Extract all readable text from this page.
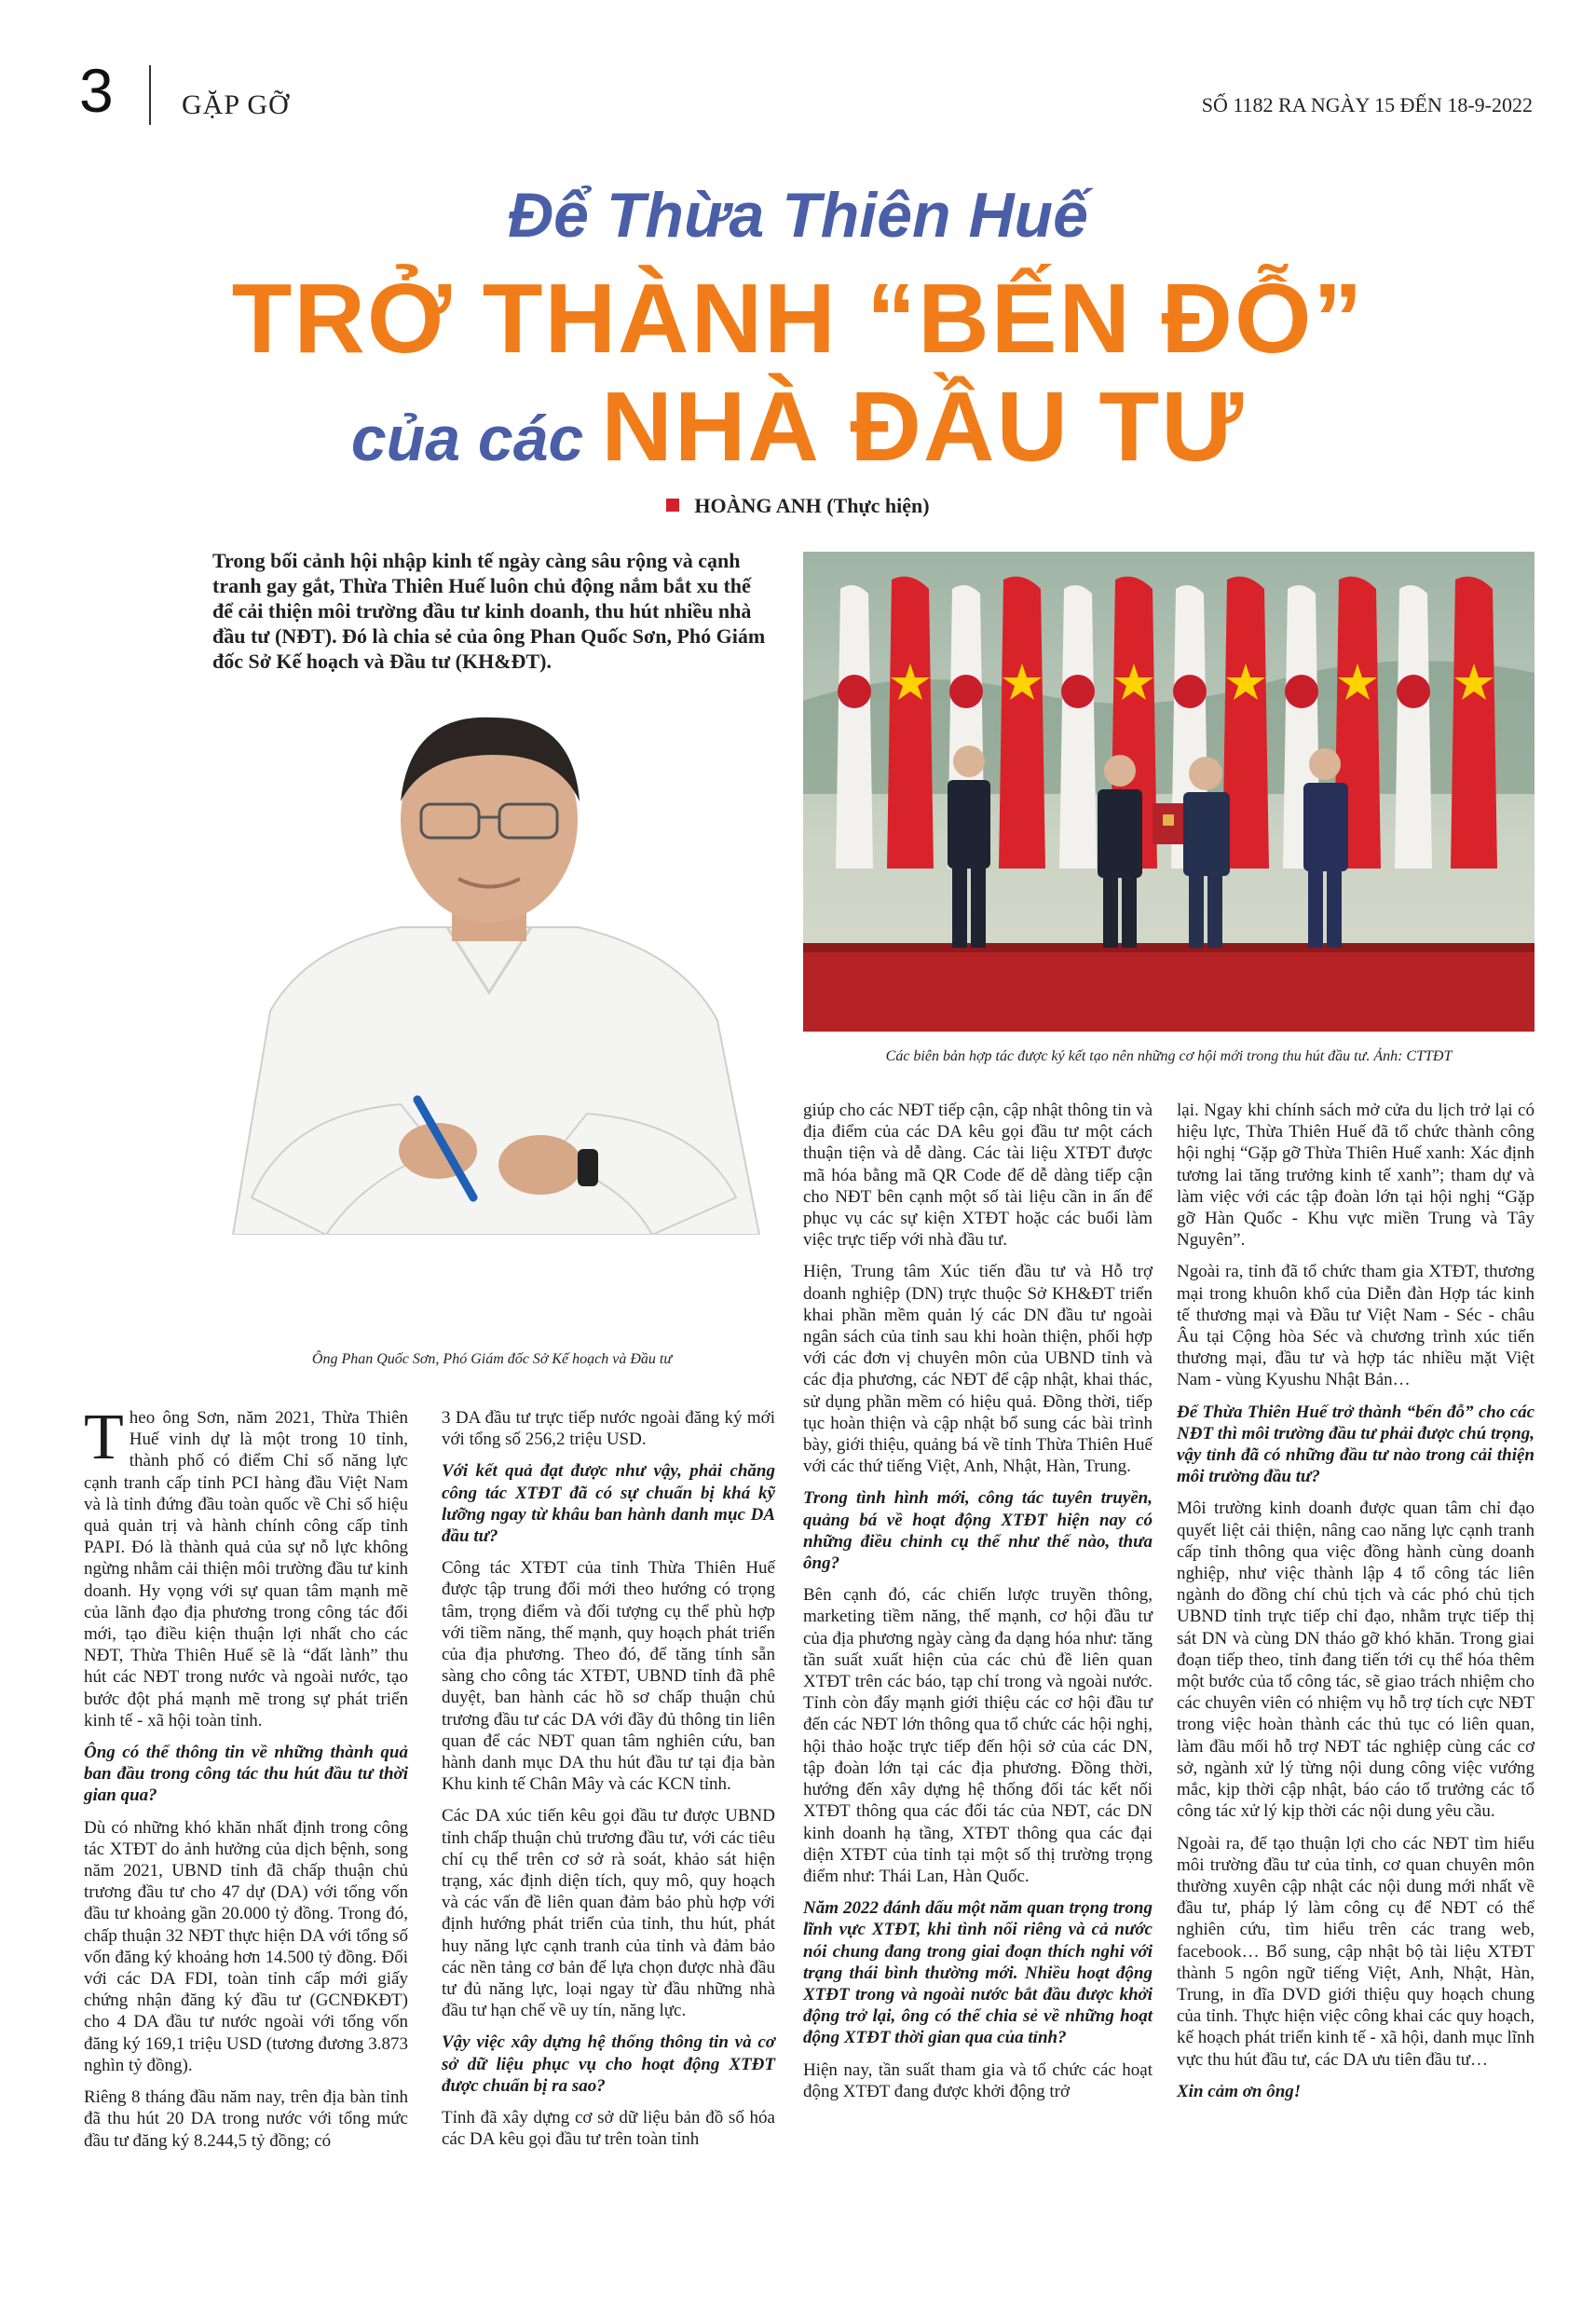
3 GẶP GỠ	SỐ 1182 RA NGÀY 15 ĐẾN 18-9-2022
Để Thừa Thiên Huế
TRỞ THÀNH “BẾN ĐỖ”
của các NHÀ ĐẦU TƯ
HOÀNG ANH (Thực hiện)
Trong bối cảnh hội nhập kinh tế ngày càng sâu rộng và cạnh tranh gay gắt, Thừa Thiên Huế luôn chủ động nắm bắt xu thế để cải thiện môi trường đầu tư kinh doanh, thu hút nhiều nhà đầu tư (NĐT). Đó là chia sẻ của ông Phan Quốc Sơn, Phó Giám đốc Sở Kế hoạch và Đầu tư (KH&ĐT).
Các biên bản hợp tác được ký kết tạo nên những cơ hội mới trong thu hút đầu tư. Ảnh: CTTĐT
Ông Phan Quốc Sơn, Phó Giám đốc Sở Kế hoạch và Đầu tư

Theo ông Sơn, năm 2021, Thừa Thiên Huế vinh dự là một trong 10 tỉnh, thành phố có điểm Chỉ số năng lực cạnh tranh cấp tỉnh PCI hàng đầu Việt Nam và là tỉnh đứng đầu toàn quốc về Chỉ số hiệu quả quản trị và hành chính công cấp tỉnh PAPI. Đó là thành quả của sự nỗ lực không ngừng nhằm cải thiện môi trường đầu tư kinh doanh. Hy vọng với sự quan tâm mạnh mẽ của lãnh đạo địa phương trong công tác đổi mới, tạo điều kiện thuận lợi nhất cho các NĐT, Thừa Thiên Huế sẽ là “đất lành” thu hút các NĐT trong nước và ngoài nước, tạo bước đột phá mạnh mẽ trong sự phát triển kinh tế - xã hội toàn tỉnh.

Ông có thể thông tin về những thành quả ban đầu trong công tác thu hút đầu tư thời gian qua?

Dù có những khó khăn nhất định trong công tác XTĐT do ảnh hưởng của dịch bệnh, song năm 2021, UBND tỉnh đã chấp thuận chủ trương đầu tư cho 47 dự (DA) với tổng vốn đầu tư khoảng gần 20.000 tỷ đồng. Trong đó, chấp thuận 32 NĐT thực hiện DA với tổng số vốn đăng ký khoảng hơn 14.500 tỷ đồng. Đối với các DA FDI, toàn tỉnh cấp mới giấy chứng nhận đăng ký đầu tư (GCNĐKĐT) cho 4 DA đầu tư nước ngoài với tổng vốn đăng ký 169,1 triệu USD (tương đương 3.873 nghìn tỷ đồng).

Riêng 8 tháng đầu năm nay, trên địa bàn tỉnh đã thu hút 20 DA trong nước với tổng mức đầu tư đăng ký 8.244,5 tỷ đồng; có

3 DA đầu tư trực tiếp nước ngoài đăng ký mới với tổng số 256,2 triệu USD.

Với kết quả đạt được như vậy, phải chăng công tác XTĐT đã có sự chuẩn bị khá kỹ lưỡng ngay từ khâu ban hành danh mục DA đầu tư?

Công tác XTĐT của tỉnh Thừa Thiên Huế được tập trung đổi mới theo hướng có trọng tâm, trọng điểm và đối tượng cụ thể phù hợp với tiềm năng, thế mạnh, quy hoạch phát triển của địa phương. Theo đó, để tăng tính sẵn sàng cho công tác XTĐT, UBND tỉnh đã phê duyệt, ban hành các hồ sơ chấp thuận chủ trương đầu tư các DA với đầy đủ thông tin liên quan để các NĐT quan tâm nghiên cứu, ban hành danh mục DA thu hút đầu tư tại địa bàn Khu kinh tế Chân Mây và các KCN tỉnh.

Các DA xúc tiến kêu gọi đầu tư được UBND tỉnh chấp thuận chủ trương đầu tư, với các tiêu chí cụ thể trên cơ sở rà soát, khảo sát hiện trạng, xác định diện tích, quy mô, quy hoạch và các vấn đề liên quan đảm bảo phù hợp với định hướng phát triển của tỉnh, thu hút, phát huy năng lực cạnh tranh của tỉnh và đảm bảo các nền tảng cơ bản để lựa chọn được nhà đầu tư đủ năng lực, loại ngay từ đầu những nhà đầu tư hạn chế về uy tín, năng lực.

Vậy việc xây dựng hệ thống thông tin và cơ sở dữ liệu phục vụ cho hoạt động XTĐT được chuẩn bị ra sao?

Tỉnh đã xây dựng cơ sở dữ liệu bản đồ số hóa các DA kêu gọi đầu tư trên toàn tỉnh

giúp cho các NĐT tiếp cận, cập nhật thông tin và địa điểm của các DA kêu gọi đầu tư một cách thuận tiện và dễ dàng. Các tài liệu XTĐT được mã hóa bằng mã QR Code để dễ dàng tiếp cận cho NĐT bên cạnh một số tài liệu cần in ấn để phục vụ các sự kiện XTĐT hoặc các buổi làm việc trực tiếp với nhà đầu tư.

Hiện, Trung tâm Xúc tiến đầu tư và Hỗ trợ doanh nghiệp (DN) trực thuộc Sở KH&ĐT triển khai phần mềm quản lý các DN đầu tư ngoài ngân sách của tỉnh sau khi hoàn thiện, phối hợp với các đơn vị chuyên môn của UBND tỉnh và các địa phương, các NĐT để cập nhật, khai thác, sử dụng phần mềm có hiệu quả. Đồng thời, tiếp tục hoàn thiện và cập nhật bổ sung các bài trình bày, giới thiệu, quảng bá về tỉnh Thừa Thiên Huế với các thứ tiếng Việt, Anh, Nhật, Hàn, Trung.

Trong tình hình mới, công tác tuyên truyền, quảng bá về hoạt động XTĐT hiện nay có những điều chỉnh cụ thể như thế nào, thưa ông?

Bên cạnh đó, các chiến lược truyền thông, marketing tiềm năng, thế mạnh, cơ hội đầu tư của địa phương ngày càng đa dạng hóa như: tăng tần suất xuất hiện của các chủ đề liên quan XTĐT trên các báo, tạp chí trong và ngoài nước. Tỉnh còn đẩy mạnh giới thiệu các cơ hội đầu tư đến các NĐT lớn thông qua tổ chức các hội nghị, hội thảo hoặc trực tiếp đến hội sở của các DN, tập đoàn lớn tại các địa phương. Đồng thời, hướng đến xây dựng hệ thống đối tác kết nối XTĐT thông qua các đối tác của NĐT, các DN kinh doanh hạ tầng, XTĐT thông qua các đại diện XTĐT của tỉnh tại một số thị trường trọng điểm như: Thái Lan, Hàn Quốc.

Năm 2022 đánh dấu một năm quan trọng trong lĩnh vực XTĐT, khi tình nối riêng và cả nước nói chung đang trong giai đoạn thích nghi với trạng thái bình thường mới. Nhiều hoạt động XTĐT trong và ngoài nước bắt đầu được khởi động trở lại, ông có thể chia sẻ về những hoạt động XTĐT thời gian qua của tỉnh?

Hiện nay, tần suất tham gia và tổ chức các hoạt động XTĐT đang được khởi động trở

lại. Ngay khi chính sách mở cửa du lịch trở lại có hiệu lực, Thừa Thiên Huế đã tổ chức thành công hội nghị “Gặp gỡ Thừa Thiên Huế xanh: Xác định tương lai tăng trưởng kinh tế xanh”; tham dự và làm việc với các tập đoàn lớn tại hội nghị “Gặp gỡ Hàn Quốc - Khu vực miền Trung và Tây Nguyên”.

Ngoài ra, tỉnh đã tổ chức tham gia XTĐT, thương mại trong khuôn khổ của Diễn đàn Hợp tác kinh tế thương mại và Đầu tư Việt Nam - Séc - châu Âu tại Cộng hòa Séc và chương trình xúc tiến thương mại, đầu tư và hợp tác nhiều mặt Việt Nam - vùng Kyushu Nhật Bản…

Để Thừa Thiên Huế trở thành “bến đỗ” cho các NĐT thì môi trường đầu tư phải được chú trọng, vậy tỉnh đã có những đầu tư nào trong cải thiện môi trường đầu tư?

Môi trường kinh doanh được quan tâm chỉ đạo quyết liệt cải thiện, nâng cao năng lực cạnh tranh cấp tỉnh thông qua việc đồng hành cùng doanh nghiệp, như việc thành lập 4 tổ công tác liên ngành do đồng chí chủ tịch và các phó chủ tịch UBND tỉnh trực tiếp chỉ đạo, nhằm trực tiếp thị sát DN và cùng DN tháo gỡ khó khăn. Trong giai đoạn tiếp theo, tỉnh đang tiến tới cụ thể hóa thêm một bước của tổ công tác, sẽ giao trách nhiệm cho các chuyên viên có nhiệm vụ hỗ trợ tích cực NĐT trong việc hoàn thành các thủ tục có liên quan, làm đầu mối hỗ trợ NĐT tác nghiệp cùng các cơ sở, ngành xử lý từng nội dung công việc vướng mắc, kịp thời cập nhật, báo cáo tổ trưởng các tổ công tác xử lý kịp thời các nội dung yêu cầu.

Ngoài ra, để tạo thuận lợi cho các NĐT tìm hiểu môi trường đầu tư của tỉnh, cơ quan chuyên môn thường xuyên cập nhật các nội dung mới nhất về đầu tư, pháp lý làm công cụ để NĐT có thể nghiên cứu, tìm hiểu trên các trang web, facebook… Bổ sung, cập nhật bộ tài liệu XTĐT thành 5 ngôn ngữ tiếng Việt, Anh, Nhật, Hàn, Trung, in đĩa DVD giới thiệu quy hoạch chung của tỉnh. Thực hiện việc công khai các quy hoạch, kế hoạch phát triển kinh tế - xã hội, danh mục lĩnh vực thu hút đầu tư, các DA ưu tiên đầu tư…

Xin cảm ơn ông!
